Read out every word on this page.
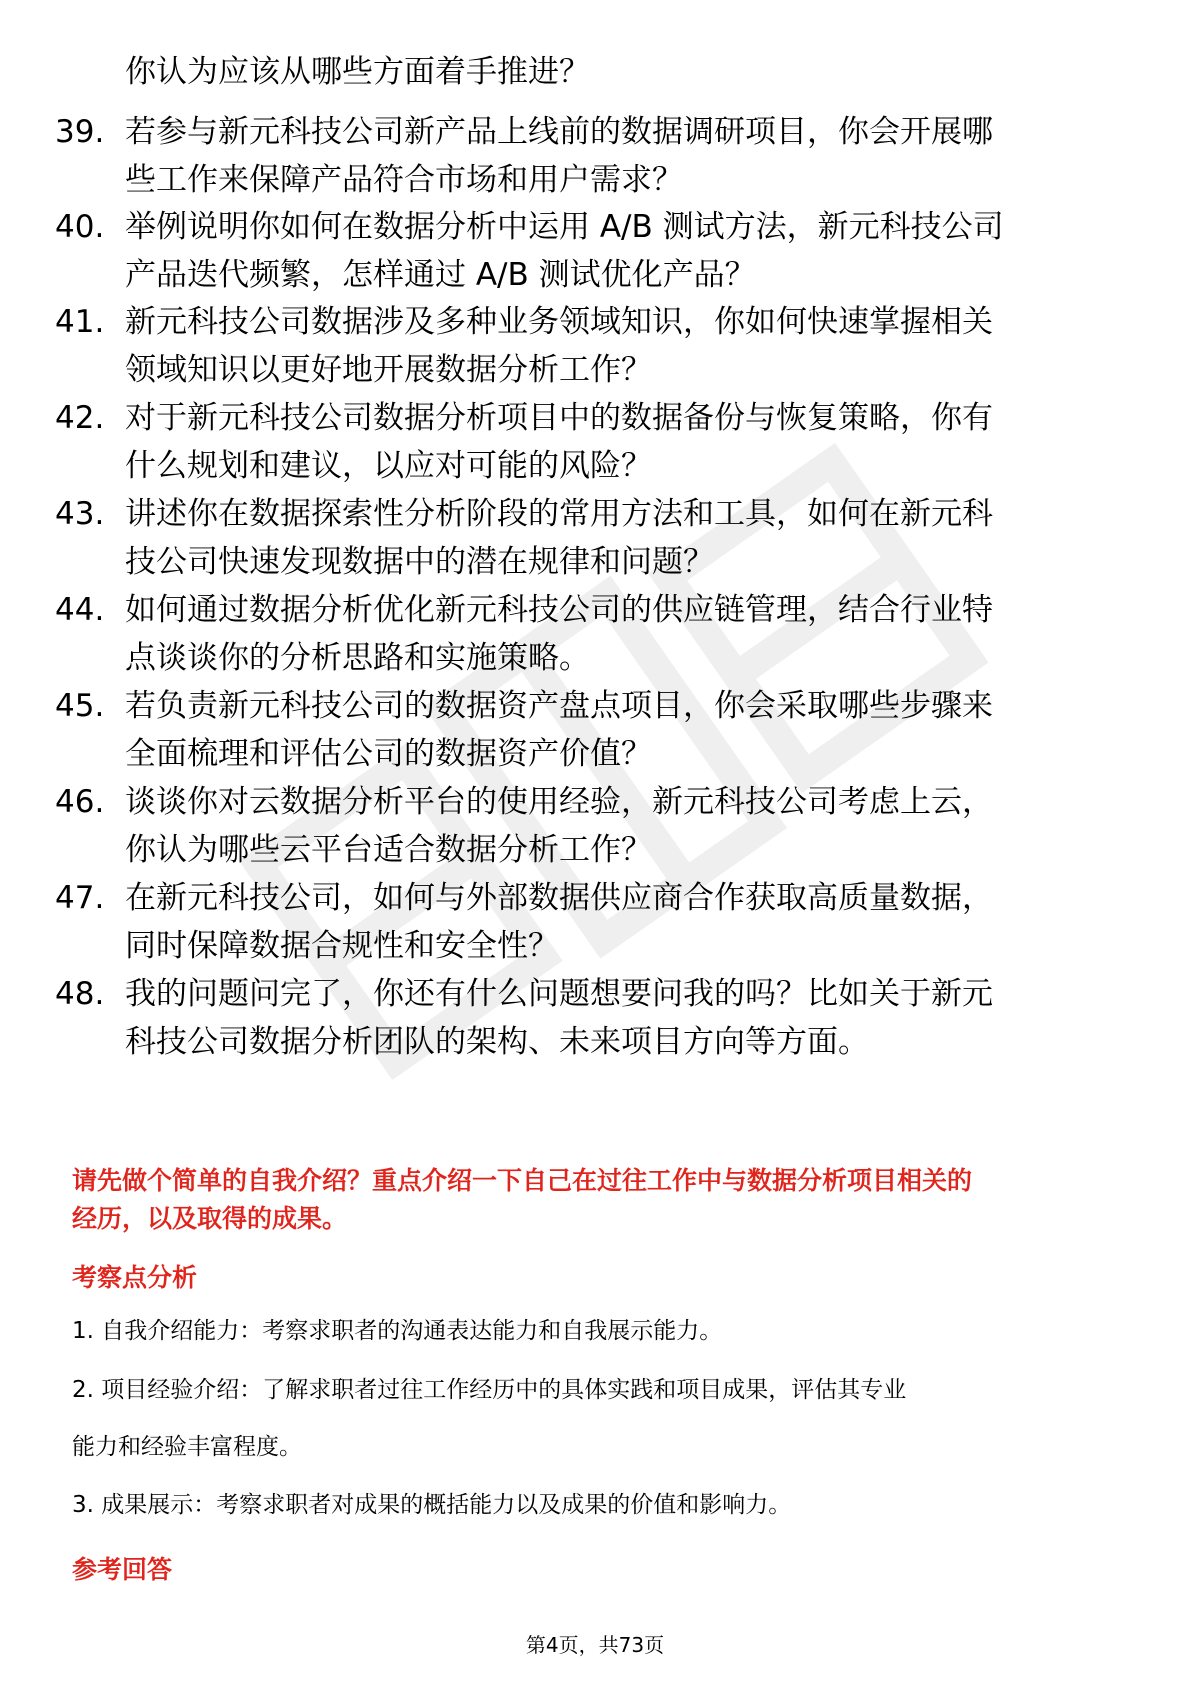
你认为应该从哪些方面着手推进？
39. 若参与新元科技公司新产品上线前的数据调研项目，你会开展哪
些工作来保障产品符合市场和用户需求？
40. 举例说明你如何在数据分析中运用 A/B 测试方法，新元科技公司
产品迭代频繁，怎样通过 A/B 测试优化产品？
41. 新元科技公司数据涉及多种业务领域知识，你如何快速掌握相关
领域知识以更好地开展数据分析工作？
42. 对于新元科技公司数据分析项目中的数据备份与恢复策略，你有
什么规划和建议，以应对可能的风险？
43. 讲述你在数据探索性分析阶段的常用方法和工具，如何在新元科
技公司快速发现数据中的潜在规律和问题？
44. 如何通过数据分析优化新元科技公司的供应链管理，结合行业特
点谈谈你的分析思路和实施策略。
45. 若负责新元科技公司的数据资产盘点项目，你会采取哪些步骤来
全面梳理和评估公司的数据资产价值？
46. 谈谈你对云数据分析平台的使用经验，新元科技公司考虑上云，
你认为哪些云平台适合数据分析工作？
47. 在新元科技公司，如何与外部数据供应商合作获取高质量数据，
同时保障数据合规性和安全性？
48. 我的问题问完了，你还有什么问题想要问我的吗？比如关于新元
科技公司数据分析团队的架构、未来项目方向等方面。
请先做个简单的自我介绍？重点介绍一下自己在过往工作中与数据分析项目相关的
经历，以及取得的成果。
考察点分析
1. 自我介绍能力：考察求职者的沟通表达能力和自我展示能力。
2. 项目经验介绍：了解求职者过往工作经历中的具体实践和项目成果，评估其专业
能力和经验丰富程度。
3. 成果展示：考察求职者对成果的概括能力以及成果的价值和影响力。
参考回答
第4页，共73页
